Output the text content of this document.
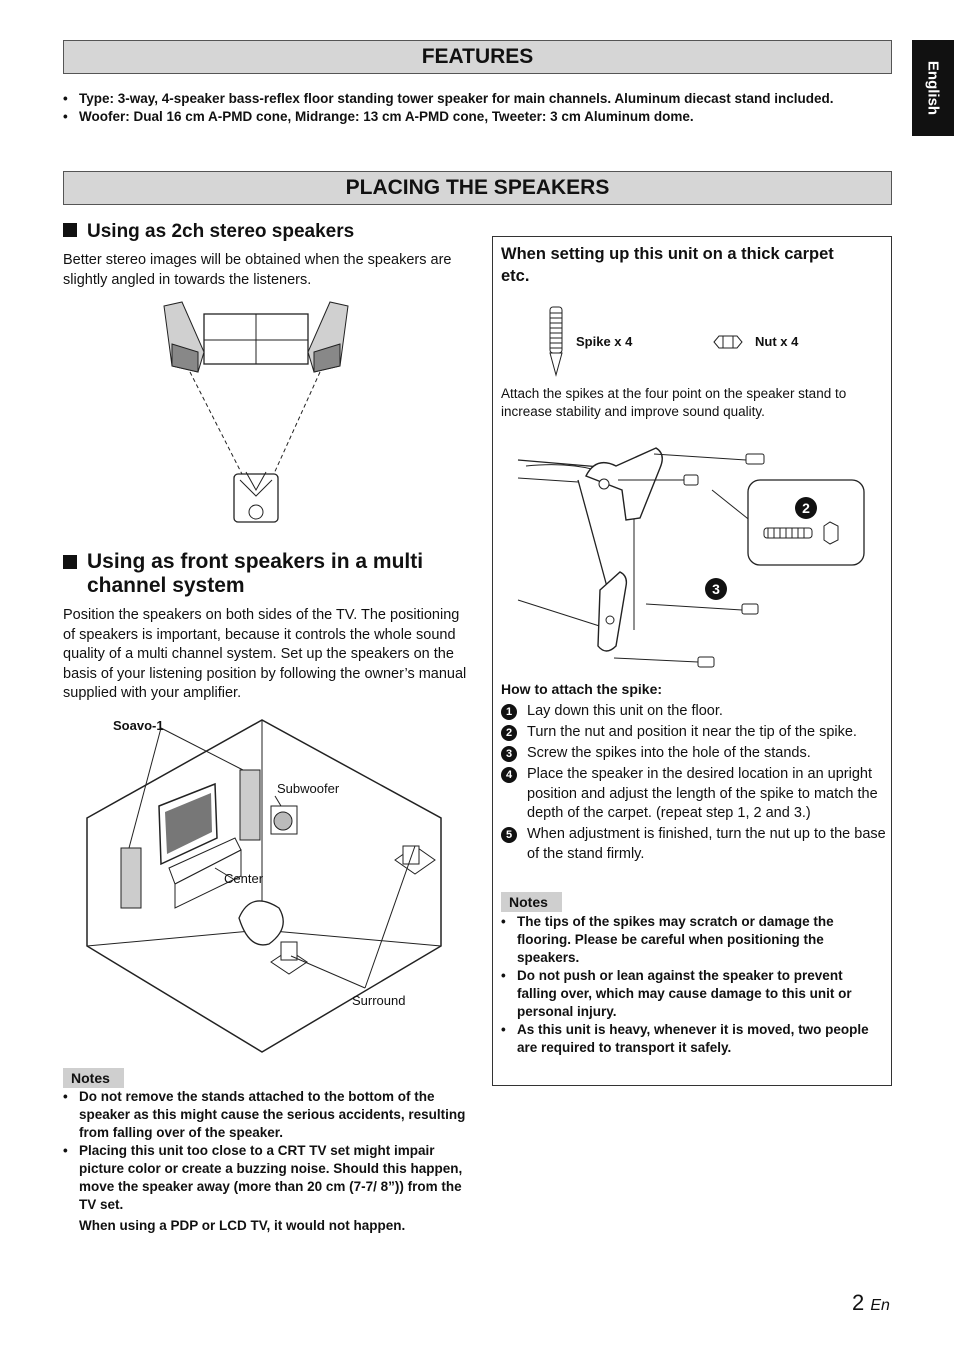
English
FEATURES
• Type: 3-way, 4-speaker bass-reflex floor standing tower speaker for main channels. Aluminum diecast stand included.
• Woofer: Dual 16 cm A-PMD cone, Midrange: 13 cm A-PMD cone, Tweeter: 3 cm Aluminum dome.
PLACING THE SPEAKERS
Using as 2ch stereo speakers
Better stereo images will be obtained when the speakers are slightly angled in towards the listeners.
Using as front speakers in a multi channel system
Position the speakers on both sides of the TV. The positioning of speakers is important, because it controls the whole sound quality of a multi channel system. Set up the speakers on the basis of your listening position by following the owner’s manual supplied with your amplifier.
Soavo-1
Subwoofer
Center
Surround
Notes
• Do not remove the stands attached to the bottom of the speaker as this might cause the serious accidents, resulting from falling over of the speaker.
• Placing this unit too close to a CRT TV set might impair picture color or create a buzzing noise. Should this happen, move the speaker away (more than 20 cm (7-7/ 8”)) from the TV set.
When using a PDP or LCD TV, it would not happen.
When setting up this unit on a thick carpet etc.
Spike x 4	Nut x 4
Attach the spikes at the four point on the speaker stand to increase stability and improve sound quality.
2
3
How to attach the spike:
1	Lay down this unit on the floor.
2	Turn the nut and position it near the tip of the spike.
3	Screw the spikes into the hole of the stands.
4	Place the speaker in the desired location in an upright position and adjust the length of the spike to match the depth of the carpet. (repeat step 1, 2 and 3.)
5	When adjustment is finished, turn the nut up to the base of the stand firmly.
Notes
• The tips of the spikes may scratch or damage the flooring. Please be careful when positioning the speakers.
• Do not push or lean against the speaker to prevent falling over, which may cause damage to this unit or personal injury.
• As this unit is heavy, whenever it is moved, two people are required to transport it safely.
2 En
